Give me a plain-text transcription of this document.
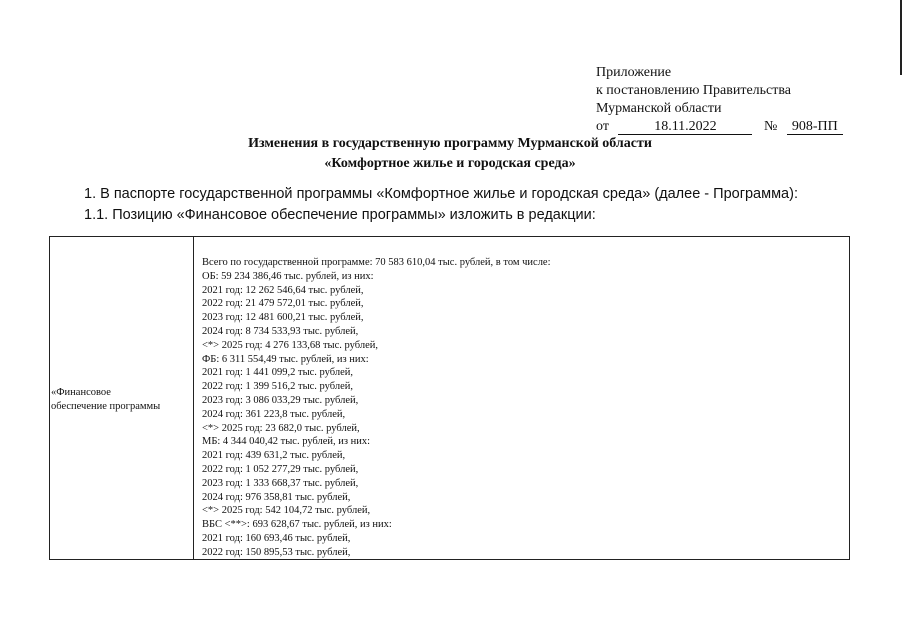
Приложение
к постановлению Правительства
Мурманской области
от	18.11.2022	№ 908-ПП
Изменения в государственную программу Мурманской области
«Комфортное жилье и городская среда»
1. В паспорте государственной программы «Комфортное жилье и городская среда» (далее - Программа):
1.1. Позицию «Финансовое обеспечение программы» изложить в редакции:
«Финансовое
обеспечение программы
Всего по государственной программе: 70 583 610,04 тыс. рублей, в том числе:
ОБ: 59 234 386,46 тыс. рублей, из них:
2021 год: 12 262 546,64 тыс. рублей,
2022 год: 21 479 572,01 тыс. рублей,
2023 год: 12 481 600,21 тыс. рублей,
2024 год: 8 734 533,93 тыс. рублей,
<*> 2025 год: 4 276 133,68 тыс. рублей,
ФБ: 6 311 554,49 тыс. рублей, из них:
2021 год: 1 441 099,2 тыс. рублей,
2022 год: 1 399 516,2 тыс. рублей,
2023 год: 3 086 033,29 тыс. рублей,
2024 год: 361 223,8 тыс. рублей,
<*> 2025 год: 23 682,0 тыс. рублей,
МБ: 4 344 040,42 тыс. рублей, из них:
2021 год: 439 631,2 тыс. рублей,
2022 год: 1 052 277,29 тыс. рублей,
2023 год: 1 333 668,37 тыс. рублей,
2024 год: 976 358,81 тыс. рублей,
<*> 2025 год: 542 104,72 тыс. рублей,
ВБС <**>: 693 628,67 тыс. рублей, из них:
2021 год: 160 693,46 тыс. рублей,
2022 год: 150 895,53 тыс. рублей,
